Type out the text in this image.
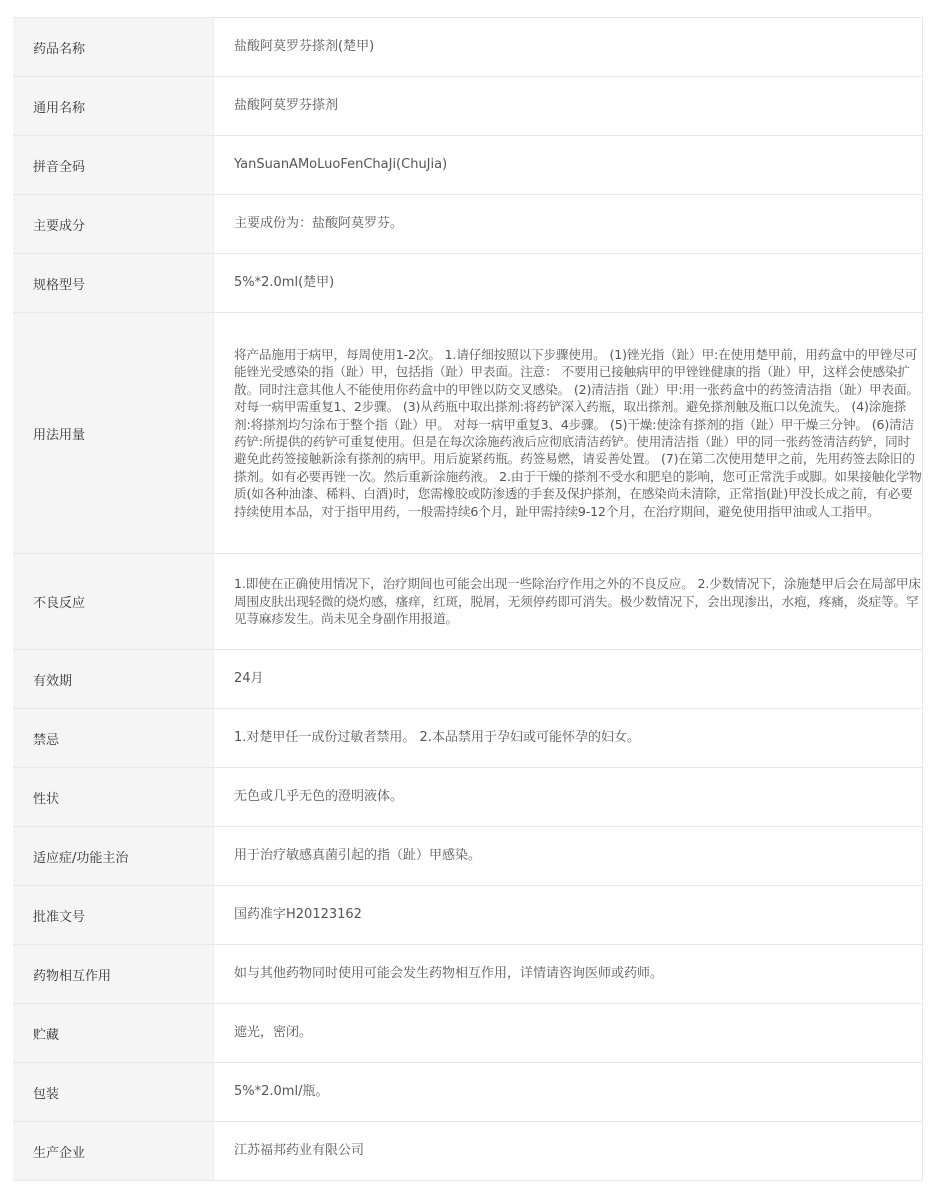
药品名称	盐酸阿莫罗芬搽剂(楚甲)
通用名称	盐酸阿莫罗芬搽剂
拼音全码	YanSuanAMoLuoFenChaJi(ChuJia)
主要成分	主要成份为：盐酸阿莫罗芬。
规格型号	5%*2.0ml(楚甲)
用法用量	将产品施用于病甲，每周使用1-2次。 1.请仔细按照以下步骤使用。 (1)锉光指（趾）甲:在使用楚甲前，用药盒中的甲锉尽可能锉光受感染的指（趾）甲，包括指（趾）甲表面。注意： 不要用已接触病甲的甲锉锉健康的指（趾）甲，这样会使感染扩散。同时注意其他人不能使用你药盒中的甲锉以防交叉感染。 (2)清洁指（趾）甲:用一张药盒中的药签清洁指（趾）甲表面。 对每一病甲需重复1、2步骤。 (3)从药瓶中取出搽剂:将药铲深入药瓶，取出搽剂。避免搽剂触及瓶口以免流失。 (4)涂施搽剂:将搽剂均匀涂布于整个指（趾）甲。 对每一病甲重复3、4步骤。 (5)干燥:使涂有搽剂的指（趾）甲干燥三分钟。 (6)清洁药铲:所提供的药铲可重复使用。但是在每次涂施药液后应彻底清洁药铲。使用清洁指（趾）甲的同一张药签清洁药铲，同时避免此药签接触新涂有搽剂的病甲。用后旋紧药瓶。药签易燃，请妥善处置。 (7)在第二次使用楚甲之前，先用药签去除旧的搽剂。如有必要再锉一次。然后重新涂施药液。 2.由于干燥的搽剂不受水和肥皂的影响，您可正常洗手或脚。如果接触化学物质(如各种油漆、稀料、白酒)时，您需橡胶或防渗透的手套及保护搽剂，在感染尚未清除，正常指(趾)甲没长成之前，有必要持续使用本品，对于指甲用药，一般需持续6个月，趾甲需持续9-12个月，在治疗期间，避免使用指甲油或人工指甲。
不良反应	1.即使在正确使用情况下，治疗期间也可能会出现一些除治疗作用之外的不良反应。 2.少数情况下，涂施楚甲后会在局部甲床周围皮肤出现轻微的烧灼感，瘙痒，红斑，脱屑，无须停药即可消失。极少数情况下，会出现渗出，水疱，疼痛，炎症等。罕见荨麻疹发生。尚未见全身副作用报道。
有效期	24月
禁忌	1.对楚甲任一成份过敏者禁用。 2.本品禁用于孕妇或可能怀孕的妇女。
性状	无色或几乎无色的澄明液体。
适应症/功能主治	用于治疗敏感真菌引起的指（趾）甲感染。
批准文号	国药准字H20123162
药物相互作用	如与其他药物同时使用可能会发生药物相互作用，详情请咨询医师或药师。
贮藏	遮光，密闭。
包装	5%*2.0ml/瓶。
生产企业	江苏福邦药业有限公司
